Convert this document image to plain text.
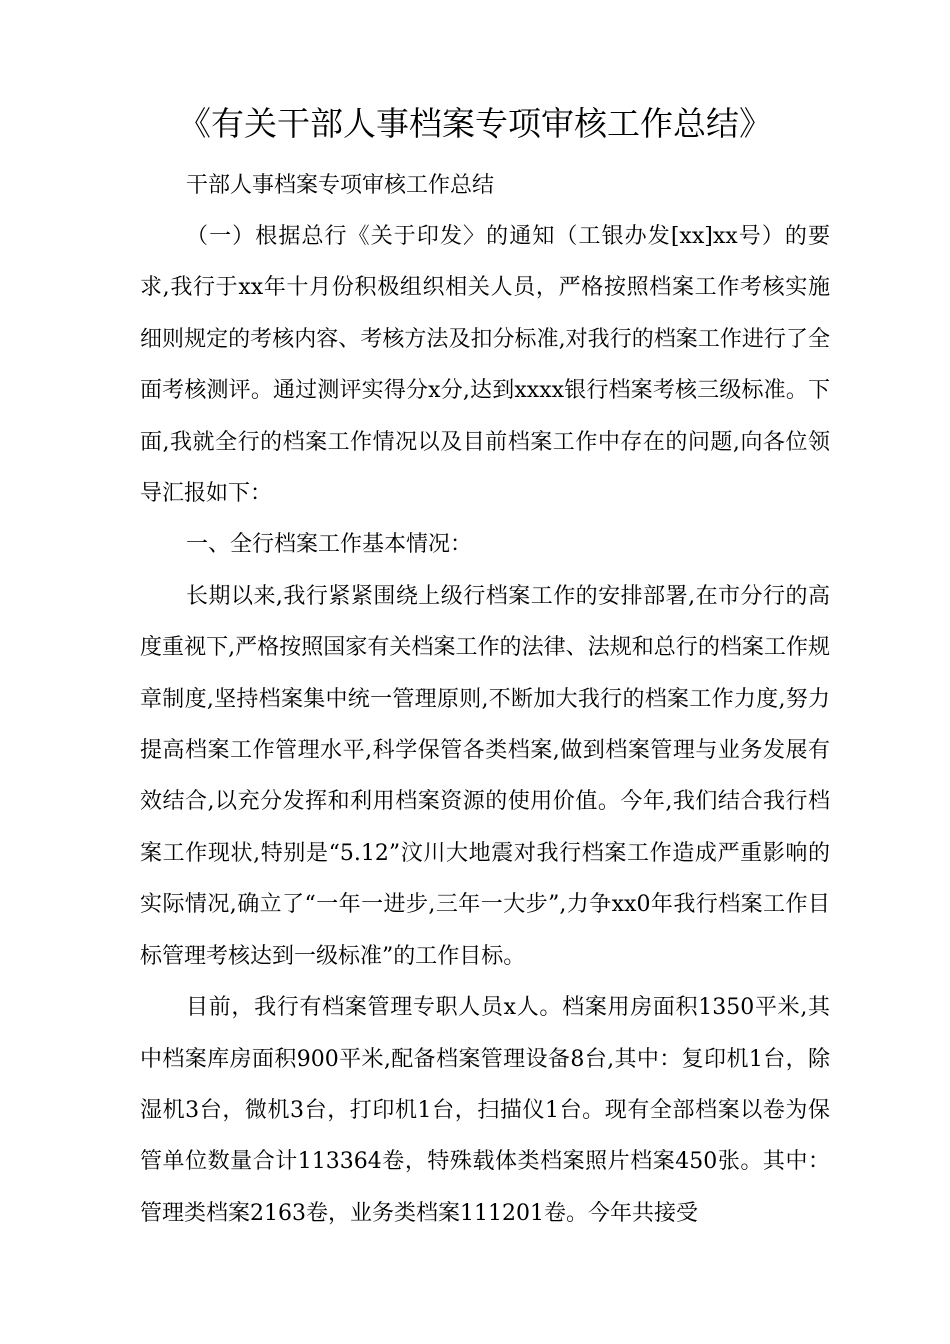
《有关干部人事档案专项审核工作总结》
干部人事档案专项审核工作总结

（一）根据总行《关于印发〉的通知（工银办发[xx]xx号）的要求,我行于xx年十月份积极组织相关人员，严格按照档案工作考核实施细则规定的考核内容、考核方法及扣分标准,对我行的档案工作进行了全面考核测评。通过测评实得分x分,达到xxxx银行档案考核三级标准。下面,我就全行的档案工作情况以及目前档案工作中存在的问题,向各位领导汇报如下：

一、全行档案工作基本情况：

长期以来,我行紧紧围绕上级行档案工作的安排部署,在市分行的高度重视下,严格按照国家有关档案工作的法律、法规和总行的档案工作规章制度,坚持档案集中统一管理原则,不断加大我行的档案工作力度,努力提高档案工作管理水平,科学保管各类档案,做到档案管理与业务发展有效结合,以充分发挥和利用档案资源的使用价值。今年,我们结合我行档案工作现状,特别是“5.12”汶川大地震对我行档案工作造成严重影响的实际情况,确立了“一年一进步,三年一大步”,力争xx0年我行档案工作目标管理考核达到一级标准”的工作目标。

目前，我行有档案管理专职人员x人。档案用房面积1350平米,其中档案库房面积900平米,配备档案管理设备8台,其中：复印机1台，除湿机3台，微机3台，打印机1台，扫描仪1台。现有全部档案以卷为保管单位数量合计113364卷，特殊载体类档案照片档案450张。其中：管理类档案2163卷，业务类档案111201卷。今年共接受
